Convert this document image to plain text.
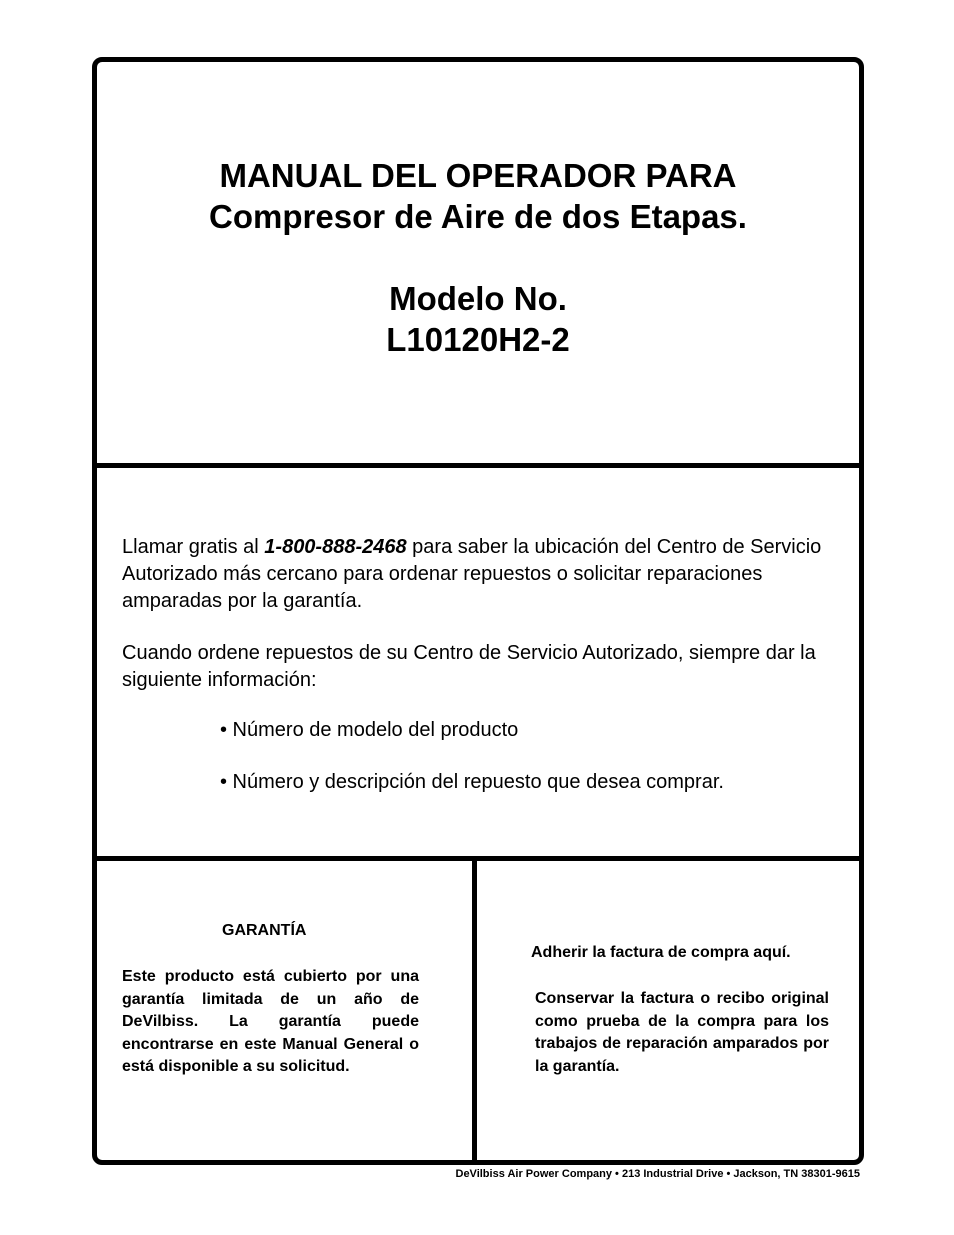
MANUAL DEL OPERADOR PARA
Compresor de Aire de dos Etapas.
Modelo No.
L10120H2-2

Llamar gratis al 1-800-888-2468 para saber la ubicación del Centro de Servicio Autorizado más cercano para ordenar repuestos o solicitar reparaciones amparadas por la garantía.

Cuando ordene repuestos de su Centro de Servicio Autorizado, siempre dar la siguiente información:

• Número de modelo del producto
• Número y descripción del repuesto que desea comprar.
GARANTÍA
Este producto está cubierto por una garantía limitada de un año de DeVilbiss. La garantía puede encontrarse en este Manual General o está disponible a su solicitud.
Adherir la factura de compra aquí.
Conservar la factura o recibo original como prueba de la compra para los trabajos de reparación amparados por la garantía.
DeVilbiss Air Power Company • 213 Industrial Drive • Jackson, TN 38301-9615
